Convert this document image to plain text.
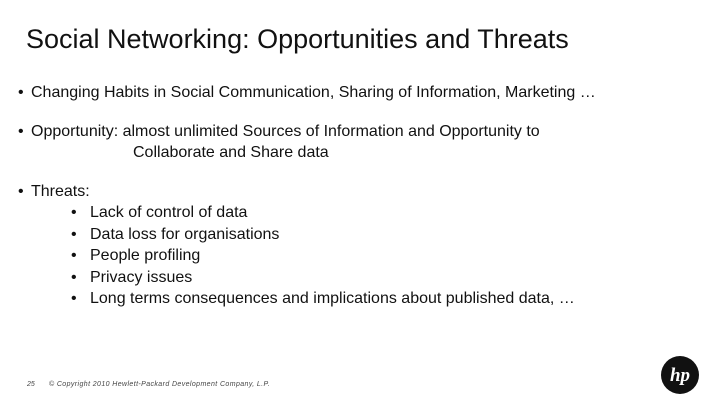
Social Networking: Opportunities and Threats
• Changing Habits in Social Communication, Sharing of Information, Marketing …
• Opportunity: almost unlimited Sources of Information and Opportunity to
Collaborate and Share data
• Threats:
• Lack of control of data
• Data loss for organisations
• People profiling
• Privacy issues
• Long terms consequences and implications about published data, …
25 © Copyright 2010 Hewlett-Packard Development Company, L.P.	hp
